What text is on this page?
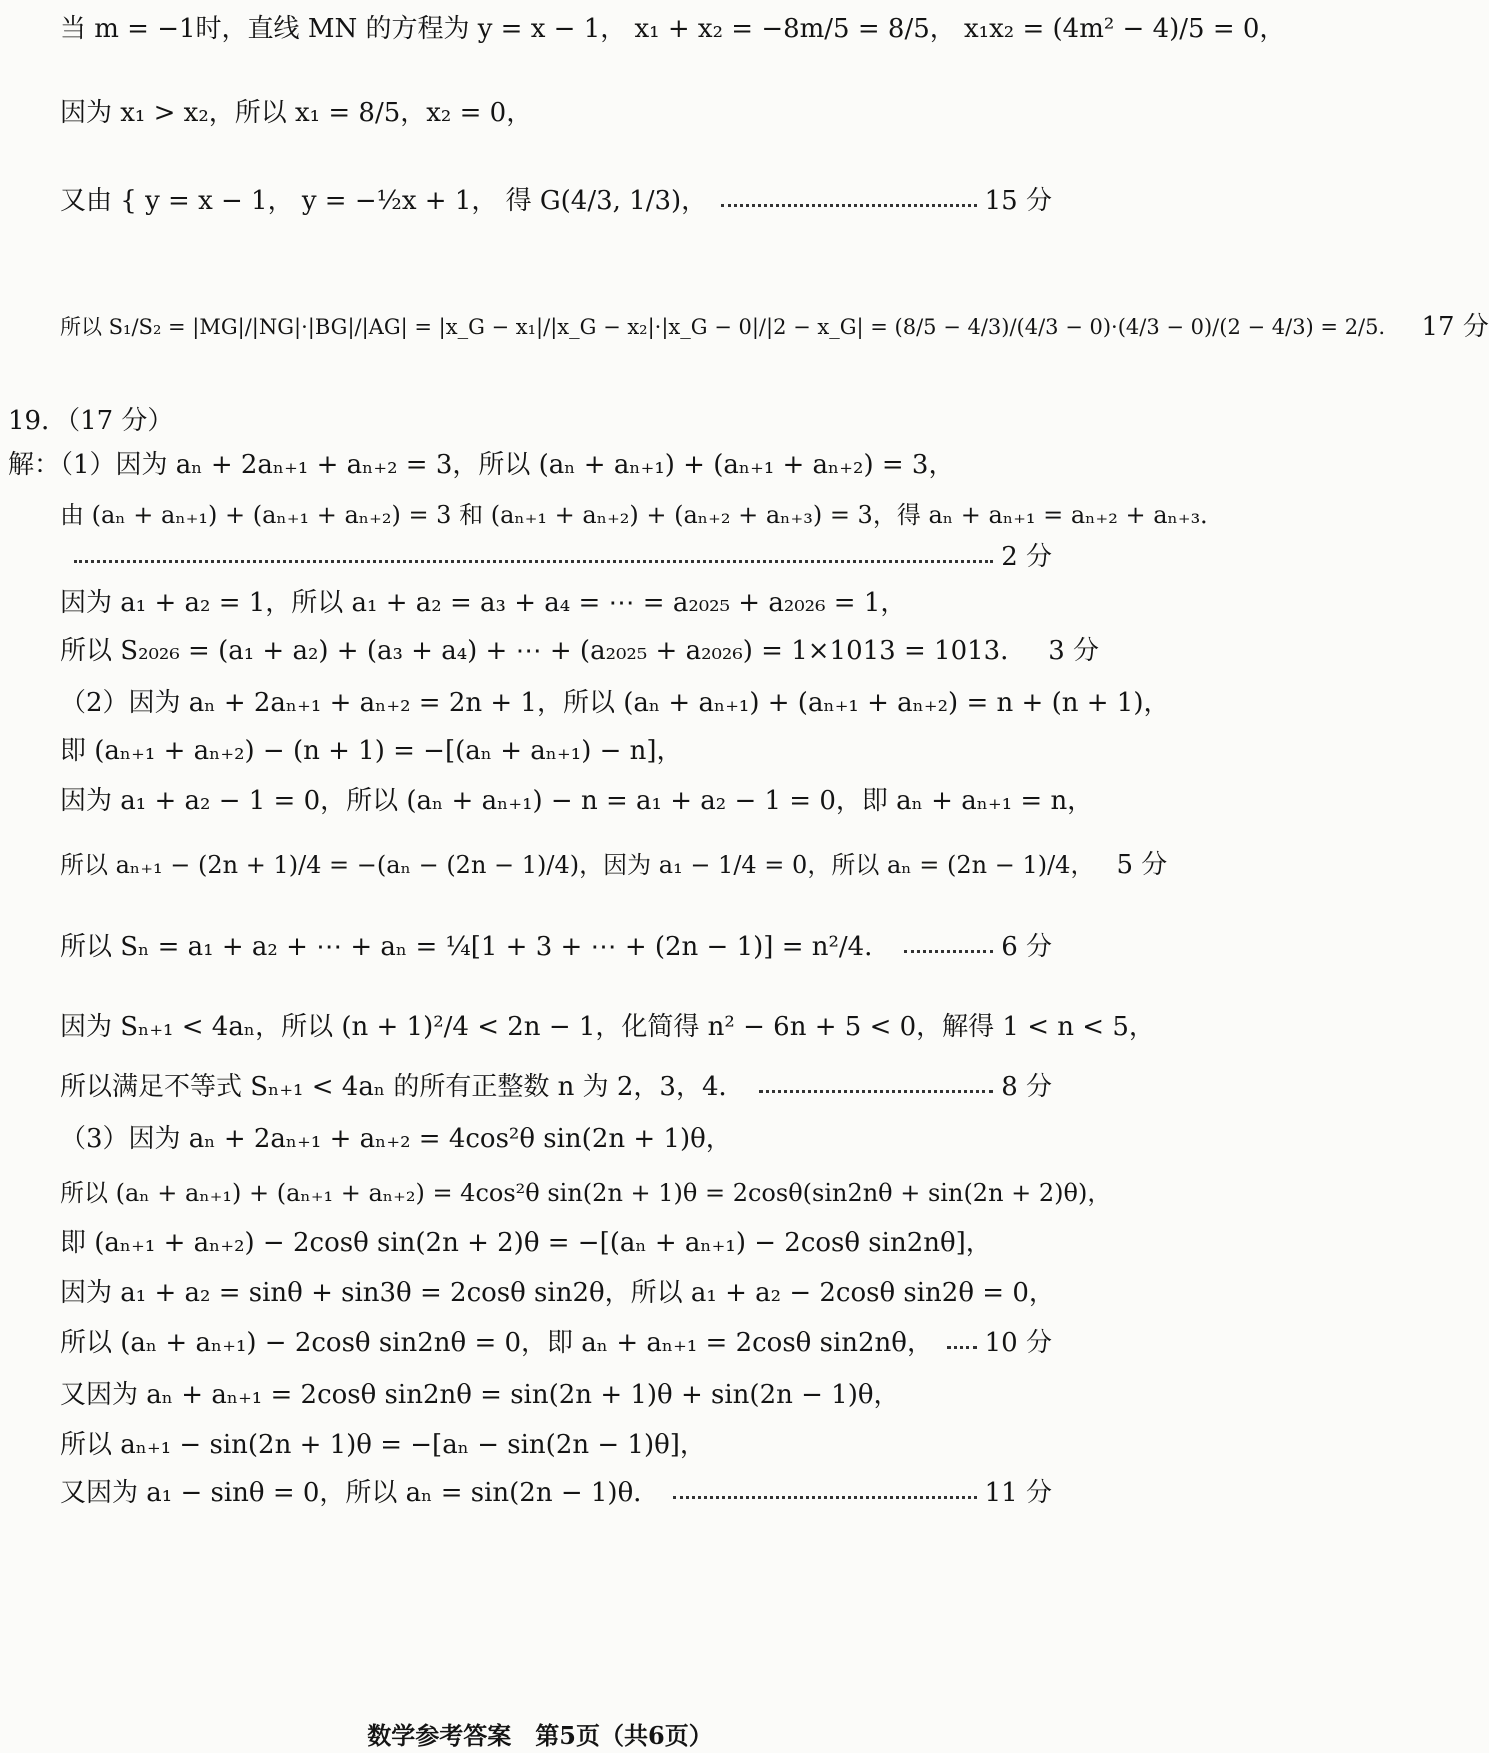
当 m = −1时，直线 MN 的方程为 y = x − 1， x₁ + x₂ = −8m/5 = 8/5， x₁x₂ = (4m² − 4)/5 = 0，
因为 x₁ > x₂，所以 x₁ = 8/5，x₂ = 0，
又由 { y = x − 1， y = −½x + 1， 得 G(4/3, 1/3)，	15 分
所以 S₁/S₂ = |MG|/|NG|·|BG|/|AG| = |x_G − x₁|/|x_G − x₂|·|x_G − 0|/|2 − x_G| = (8/5 − 4/3)/(4/3 − 0)·(4/3 − 0)/(2 − 4/3) = 2/5． 17 分
19．（17 分）
解：（1）因为 aₙ + 2aₙ₊₁ + aₙ₊₂ = 3，所以 (aₙ + aₙ₊₁) + (aₙ₊₁ + aₙ₊₂) = 3，
由 (aₙ + aₙ₊₁) + (aₙ₊₁ + aₙ₊₂) = 3 和 (aₙ₊₁ + aₙ₊₂) + (aₙ₊₂ + aₙ₊₃) = 3，得 aₙ + aₙ₊₁ = aₙ₊₂ + aₙ₊₃．
2 分
因为 a₁ + a₂ = 1，所以 a₁ + a₂ = a₃ + a₄ = ⋯ = a₂₀₂₅ + a₂₀₂₆ = 1，
所以 S₂₀₂₆ = (a₁ + a₂) + (a₃ + a₄) + ⋯ + (a₂₀₂₅ + a₂₀₂₆) = 1×1013 = 1013． 3 分
（2）因为 aₙ + 2aₙ₊₁ + aₙ₊₂ = 2n + 1，所以 (aₙ + aₙ₊₁) + (aₙ₊₁ + aₙ₊₂) = n + (n + 1)，
即 (aₙ₊₁ + aₙ₊₂) − (n + 1) = −[(aₙ + aₙ₊₁) − n]，
因为 a₁ + a₂ − 1 = 0，所以 (aₙ + aₙ₊₁) − n = a₁ + a₂ − 1 = 0，即 aₙ + aₙ₊₁ = n，
所以 aₙ₊₁ − (2n + 1)/4 = −(aₙ − (2n − 1)/4)，因为 a₁ − 1/4 = 0，所以 aₙ = (2n − 1)/4， 5 分
所以 Sₙ = a₁ + a₂ + ⋯ + aₙ = ¼[1 + 3 + ⋯ + (2n − 1)] = n²/4．	6 分
因为 Sₙ₊₁ < 4aₙ，所以 (n + 1)²/4 < 2n − 1，化简得 n² − 6n + 5 < 0，解得 1 < n < 5，
所以满足不等式 Sₙ₊₁ < 4aₙ 的所有正整数 n 为 2，3，4．	8 分
（3）因为 aₙ + 2aₙ₊₁ + aₙ₊₂ = 4cos²θ sin(2n + 1)θ，
所以 (aₙ + aₙ₊₁) + (aₙ₊₁ + aₙ₊₂) = 4cos²θ sin(2n + 1)θ = 2cosθ(sin2nθ + sin(2n + 2)θ)，
即 (aₙ₊₁ + aₙ₊₂) − 2cosθ sin(2n + 2)θ = −[(aₙ + aₙ₊₁) − 2cosθ sin2nθ]，
因为 a₁ + a₂ = sinθ + sin3θ = 2cosθ sin2θ，所以 a₁ + a₂ − 2cosθ sin2θ = 0，
所以 (aₙ + aₙ₊₁) − 2cosθ sin2nθ = 0，即 aₙ + aₙ₊₁ = 2cosθ sin2nθ， 10 分
又因为 aₙ + aₙ₊₁ = 2cosθ sin2nθ = sin(2n + 1)θ + sin(2n − 1)θ，
所以 aₙ₊₁ − sin(2n + 1)θ = −[aₙ − sin(2n − 1)θ]，
又因为 a₁ − sinθ = 0，所以 aₙ = sin(2n − 1)θ．	11 分
数学参考答案　第5页（共6页）
